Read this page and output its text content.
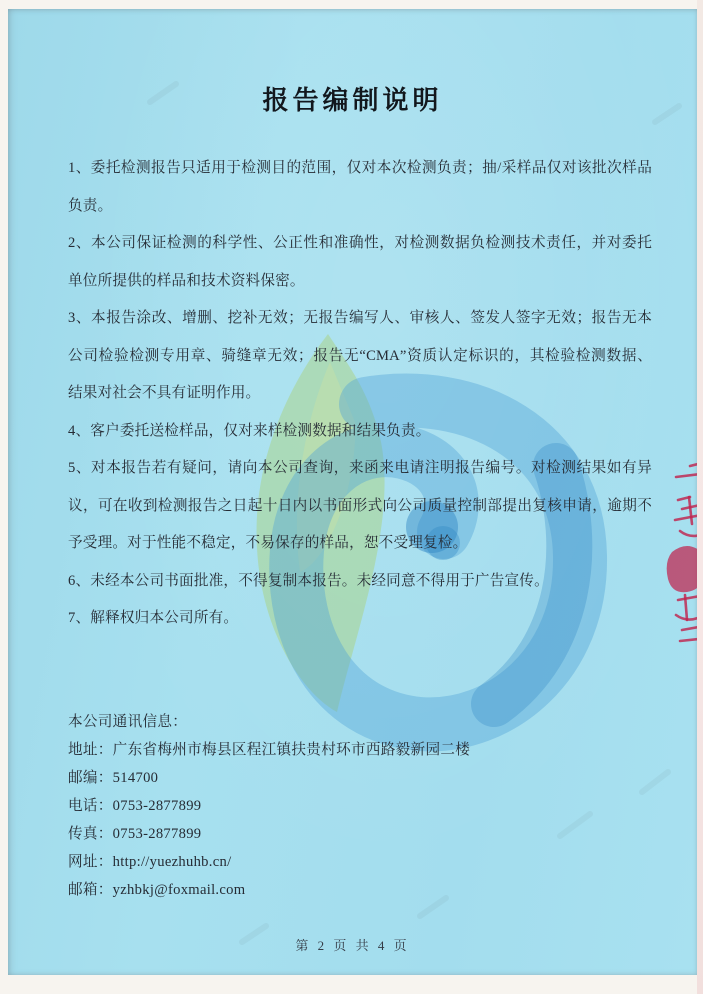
报告编制说明
1、委托检测报告只适用于检测目的范围，仅对本次检测负责；抽/采样品仅对该批次样品
负责。
2、本公司保证检测的科学性、公正性和准确性，对检测数据负检测技术责任，并对委托
单位所提供的样品和技术资料保密。
3、本报告涂改、增删、挖补无效；无报告编写人、审核人、签发人签字无效；报告无本
公司检验检测专用章、骑缝章无效；报告无“CMA”资质认定标识的，其检验检测数据、
结果对社会不具有证明作用。
4、客户委托送检样品，仅对来样检测数据和结果负责。
5、对本报告若有疑问，请向本公司查询，来函来电请注明报告编号。对检测结果如有异
议，可在收到检测报告之日起十日内以书面形式向公司质量控制部提出复核申请，逾期不
予受理。对于性能不稳定，不易保存的样品，恕不受理复检。
6、未经本公司书面批准，不得复制本报告。未经同意不得用于广告宣传。
7、解释权归本公司所有。
本公司通讯信息：
地址：广东省梅州市梅县区程江镇扶贵村环市西路毅新园二楼
邮编：514700
电话：0753-2877899
传真：0753-2877899
网址：http://yuezhuhb.cn/
邮箱：yzhbkj@foxmail.com
第 2 页 共 4 页
